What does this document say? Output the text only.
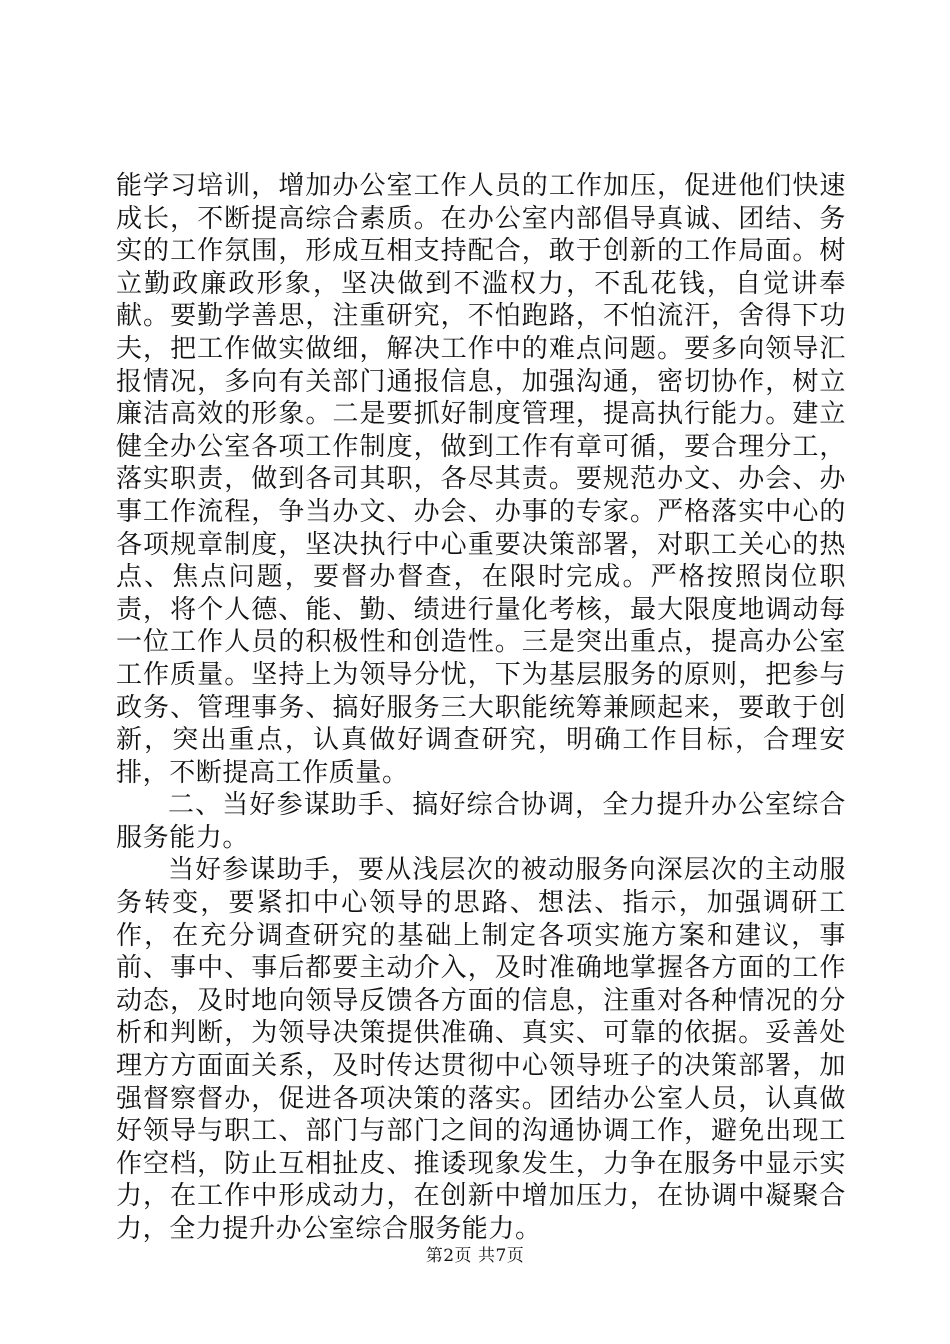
能学习培训，增加办公室工作人员的工作加压，促进他们快速成长，不断提高综合素质。在办公室内部倡导真诚、团结、务实的工作氛围，形成互相支持配合，敢于创新的工作局面。树立勤政廉政形象，坚决做到不滥权力，不乱花钱，自觉讲奉献。要勤学善思，注重研究，不怕跑路，不怕流汗，舍得下功夫，把工作做实做细，解决工作中的难点问题。要多向领导汇报情况，多向有关部门通报信息，加强沟通，密切协作，树立廉洁高效的形象。二是要抓好制度管理，提高执行能力。建立健全办公室各项工作制度，做到工作有章可循，要合理分工，落实职责，做到各司其职，各尽其责。要规范办文、办会、办事工作流程，争当办文、办会、办事的专家。严格落实中心的各项规章制度，坚决执行中心重要决策部署，对职工关心的热点、焦点问题，要督办督查，在限时完成。严格按照岗位职责，将个人德、能、勤、绩进行量化考核，最大限度地调动每一位工作人员的积极性和创造性。三是突出重点，提高办公室工作质量。坚持上为领导分忧，下为基层服务的原则，把参与政务、管理事务、搞好服务三大职能统筹兼顾起来，要敢于创新，突出重点，认真做好调查研究，明确工作目标，合理安排，不断提高工作质量。

二、当好参谋助手、搞好综合协调，全力提升办公室综合服务能力。

当好参谋助手，要从浅层次的被动服务向深层次的主动服务转变，要紧扣中心领导的思路、想法、指示，加强调研工作，在充分调查研究的基础上制定各项实施方案和建议，事前、事中、事后都要主动介入，及时准确地掌握各方面的工作动态，及时地向领导反馈各方面的信息，注重对各种情况的分析和判断，为领导决策提供准确、真实、可靠的依据。妥善处理方方面面关系，及时传达贯彻中心领导班子的决策部署，加强督察督办，促进各项决策的落实。团结办公室人员，认真做好领导与职工、部门与部门之间的沟通协调工作，避免出现工作空档，防止互相扯皮、推诿现象发生，力争在服务中显示实力，在工作中形成动力，在创新中增加压力，在协调中凝聚合力，全力提升办公室综合服务能力。

第2页 共7页
